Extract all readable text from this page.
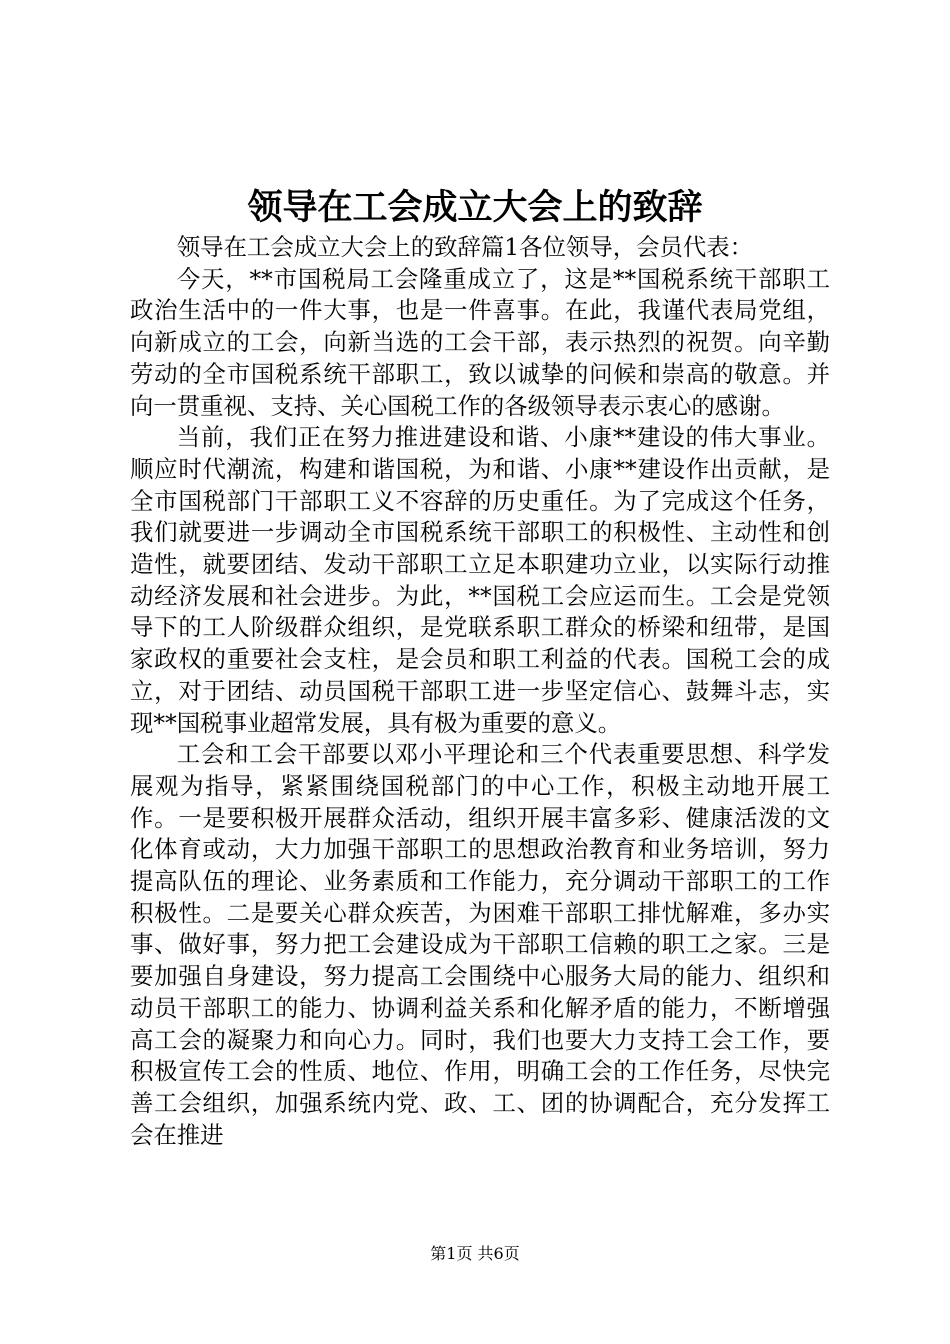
领导在工会成立大会上的致辞

领导在工会成立大会上的致辞篇1各位领导，会员代表：

今天，**市国税局工会隆重成立了，这是**国税系统干部职工政治生活中的一件大事，也是一件喜事。在此，我谨代表局党组，向新成立的工会，向新当选的工会干部，表示热烈的祝贺。向辛勤劳动的全市国税系统干部职工，致以诚挚的问候和崇高的敬意。并向一贯重视、支持、关心国税工作的各级领导表示衷心的感谢。

当前，我们正在努力推进建设和谐、小康**建设的伟大事业。顺应时代潮流，构建和谐国税，为和谐、小康**建设作出贡献，是全市国税部门干部职工义不容辞的历史重任。为了完成这个任务，我们就要进一步调动全市国税系统干部职工的积极性、主动性和创造性，就要团结、发动干部职工立足本职建功立业，以实际行动推动经济发展和社会进步。为此，**国税工会应运而生。工会是党领导下的工人阶级群众组织，是党联系职工群众的桥梁和纽带，是国家政权的重要社会支柱，是会员和职工利益的代表。国税工会的成立，对于团结、动员国税干部职工进一步坚定信心、鼓舞斗志，实现**国税事业超常发展，具有极为重要的意义。

工会和工会干部要以邓小平理论和三个代表重要思想、科学发展观为指导，紧紧围绕国税部门的中心工作，积极主动地开展工作。一是要积极开展群众活动，组织开展丰富多彩、健康活泼的文化体育或动，大力加强干部职工的思想政治教育和业务培训，努力提高队伍的理论、业务素质和工作能力，充分调动干部职工的工作积极性。二是要关心群众疾苦，为困难干部职工排忧解难，多办实事、做好事，努力把工会建设成为干部职工信赖的职工之家。三是要加强自身建设，努力提高工会围绕中心服务大局的能力、组织和动员干部职工的能力、协调利益关系和化解矛盾的能力，不断增强高工会的凝聚力和向心力。同时，我们也要大力支持工会工作，要积极宣传工会的性质、地位、作用，明确工会的工作任务，尽快完善工会组织，加强系统内党、政、工、团的协调配合，充分发挥工会在推进

第1页 共6页
